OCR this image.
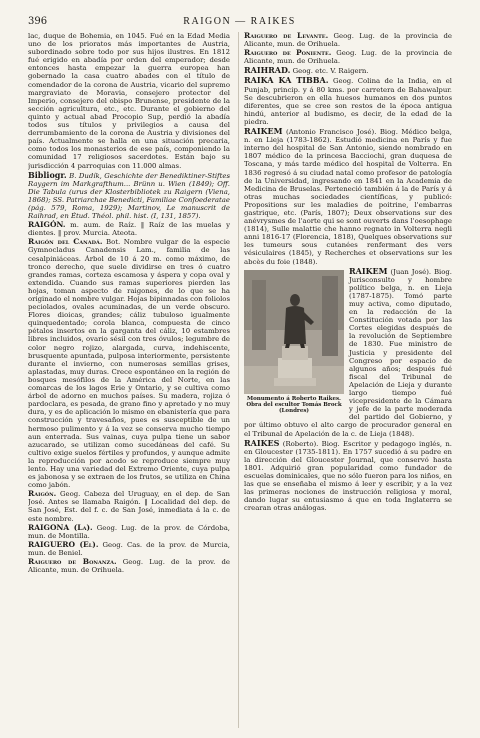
396	RAIGON — RAIKES

lac, duque de Bohemia, en 1045. Fué en la Edad Media uno de los prioratos más importantes de Austria, subordinado sobre todo por sus hijos ilustres. En 1812 fué erigido en abadía por orden del emperador; desde entonces hasta empezar la guerra europea han gobernado la casa cuatro abades con el título de comendador de la corona de Austria, vicario del supremo margraviato de Moravia, consejero protector del Imperio, consejero del obispo Brunense, presidente de la sección agricultura, etc., etc. Durante el gobierno del quinto y actual abad Procopio Sup, perdió la abadía todos sus títulos y privilegios a causa del derrumbamiento de la corona de Austria y divisiones del país. Actualmente se halla en una situación precaria, como todos los monasterios de ese país, componiendo la comunidad 17 religiosos sacerdotes. Están bajo su jurisdicción 4 parroquias con 11.000 almas.

Bibliogr. B. Dudík, Geschichte der Benediktiner-Stiftes Raygern im Markgrafthum... Brünn u. Wien (1849); Off. Die Tabula (urus der Klosterbibliotek zu Raigern (Viena, 1868); SS. Patriarchae Benedicti, Familiae Confoederatae (pág. 579, Roma, 1929); Martinov, Le manuscrit de Raihrad, en Étud. Théol. phil. hist. (I, 131, 1857).

RAIGÓN. m. aum. de Raíz. ‖ Raíz de las muelas y dientes. ‖ prov. Murcia. Ateota.

Raigón del Canadá. Bot. Nombre vulgar de la especie Gymnocladus Canadensis Lam., familia de las cesalpiniáceas. Árbol de 10 á 20 m. como máximo, de tronco derecho, que suele dividirse en tres ó cuatro grandes ramas, corteza escamosa y áspera y copa oval y extendida. Cuando sus ramas superiores pierden las hojas, toman aspecto de raigones, de lo que se ha originado el nombre vulgar. Hojas bipinnadas con foliolos peciolados, ovales acuminadas, de un verde obscuro. Flores dioicas, grandes; cáliz tubuloso igualmente quinquedentado; corola blanca, compuesta de cinco pétalos insertos en la garganta del cáliz, 10 estambres libres incluidos, ovario sésil con tres óvulos; legumbre de color negro rojizo, alargada, curva, indehiscente, brusquente apuntada, pulposa interiormente, persistente durante el invierno, con numerosas semillas grises, aplastadas, muy duras. Crece espontáneo en la región de bosques mesófilos de la América del Norte, en las comarcas de los lagos Erie y Ontario, y se cultiva como árbol de adorno en muchos países. Su madera, rojiza ó pardoclara, es pesada, de grano fino y apretado y no muy dura, y es de aplicación lo mismo en ebanistería que para construcción y travesaños, pues es susceptible de un hermoso pulimento y á la vez se conserva mucho tiempo aun enterrada. Sus vainas, cuya pulpa tiene un sabor azucarado, se utilizan como sucedáneas del café. Su cultivo exige suelos fértiles y profundos, y aunque admite la reproducción por acodo se reproduce siempre muy lento. Hay una variedad del Extremo Oriente, cuya pulpa es jabonosa y se extraen de los frutos, se utiliza en China como jabón.

Raigón. Geog. Cabeza del Uruguay, en el dep. de San José. Antes se llamaba Raigón. ‖ Localidad del dep. de San José, Est. del f. c. de San José, inmediata á la c. de este nombre.

RAIGONA (La). Geog. Lug. de la prov. de Córdoba, mun. de Montilla.

RAIGUERO (El). Geog. Cas. de la prov. de Murcia, mun. de Beniel.

Raiguero de Bonanza. Geog. Lug. de la prov. de Alicante, mun. de Orihuela.

Raiguero de Levante. Geog. Lug. de la provincia de Alicante, mun. de Orihuela.

Raiguero de Poniente. Geog. Lug. de la provincia de Alicante, mun. de Orihuela.

RAIHRAD. Geog. etc. V. Raigern.

RAIKA KA TIBBA. Geog. Colina de la India, en el Punjab, princip. y á 80 kms. por carretera de Bahawalpur. Se descubrieron en ella huesos humanos en dos puntos diferentes, que se cree son restos de la época antigua hindú, anterior al budismo, es decir, de la edad de la piedra.

RAIKEM (Antonio Francisco José). Biog. Médico belga, n. en Lieja (1783-1862). Estudió medicina en París y fue interno del hospital de San Antonio, siendo nombrado en 1807 médico de la princesa Bacciochi, gran duquesa de Toscana, y más tarde médico del hospital de Volterra. En 1836 regresó á su ciudad natal como profesor de patología de la Universidad, ingresando en 1841 en la Academia de Medicina de Bruselas. Perteneció también á la de París y á otras muchas sociedades científicas, y publicó: Propositions sur les maladies de poitrine, l'embarras gastrique, etc. (París, 1807); Deux observations sur des anévrysmes de l'aorte qui se sont ouverts dans l'oesophage (1814), Sulle malattie che hanno regnato in Volterra negli anni 1816-17 (Florencia, 1818), Quelques observations sur les tumeurs sous cutanées renfermant des vers vésiculaires (1845), y Recherches et observations sur les abcès du foie (1848).

Monumento á Roberto Raikes. Obra del escultor Tomás Brock (Londres)
RAIKEM (Juan José). Biog. Jurisconsulto y hombre político belga, n. en Lieja (1787-1875). Tomó parte muy activa, como diputado, en la redacción de la Constitución votada por las Cortes elegidas después de la revolución de Septiembre de 1830. Fue ministro de Justicia y presidente del Congreso por espacio de algunos años; después fué fiscal del Tribunal de Apelación de Lieja y durante largo tiempo fué vicepresidente de la Cámara y jefe de la parte moderada del partido del Gobierno, y por último obtuvo el alto cargo de procurador general en el Tribunal de Apelación de la c. de Lieja (1848).

RAIKES (Roberto). Biog. Escritor y pedagogo inglés, n. en Gloucester (1735-1811). En 1757 sucedió á su padre en la dirección del Gloucester Journal, que conservó hasta 1801. Adquirió gran popularidad como fundador de escuelas dominicales, que no sólo fueron para los niños, en las que se enseñaba el mismo á leer y escribir, y a la vez las primeras nociones de instrucción religiosa y moral, dando lugar su entusiasmo á que en toda Inglaterra se crearan otras análogas.
